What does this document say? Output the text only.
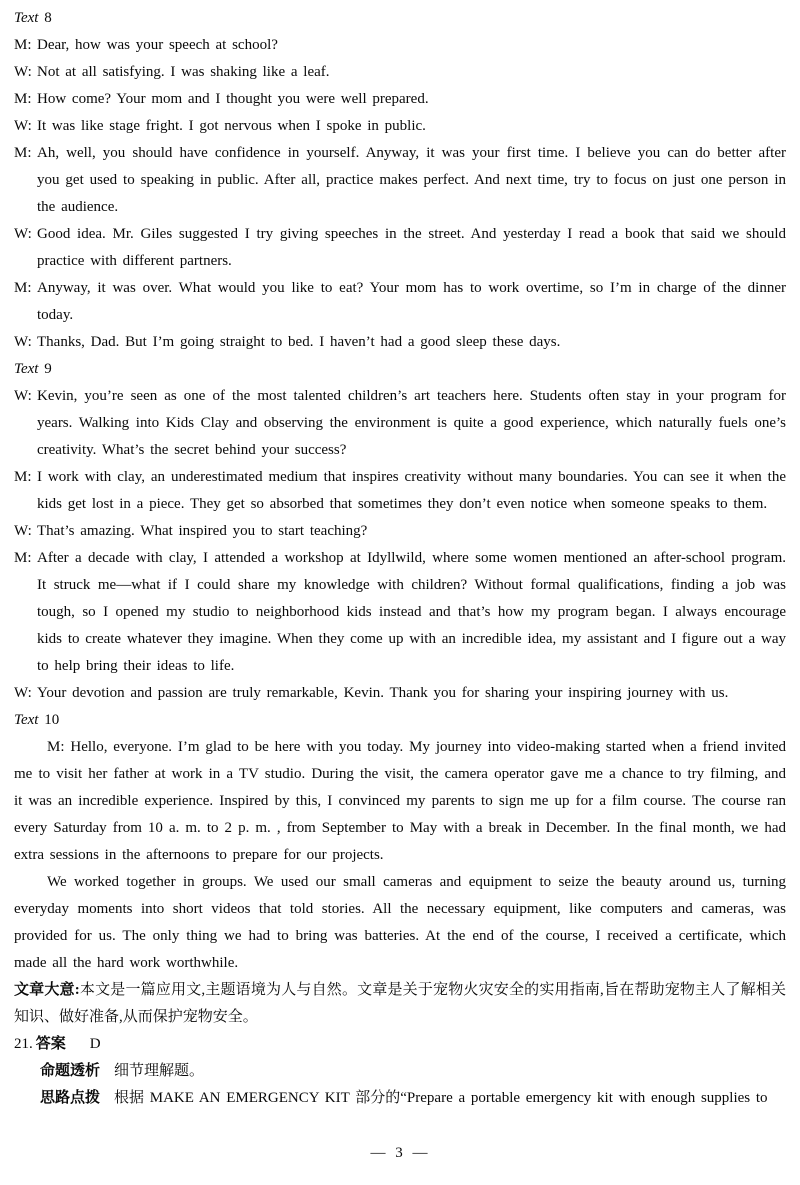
Text 8

M: Dear, how was your speech at school?

W: Not at all satisfying. I was shaking like a leaf.

M: How come? Your mom and I thought you were well prepared.

W: It was like stage fright. I got nervous when I spoke in public.

M: Ah, well, you should have confidence in yourself. Anyway, it was your first time. I believe you can do better after you get used to speaking in public. After all, practice makes perfect. And next time, try to focus on just one person in the audience.

W: Good idea. Mr. Giles suggested I try giving speeches in the street. And yesterday I read a book that said we should practice with different partners.

M: Anyway, it was over. What would you like to eat? Your mom has to work overtime, so I’m in charge of the dinner today.

W: Thanks, Dad. But I’m going straight to bed. I haven’t had a good sleep these days.

Text 9

W: Kevin, you’re seen as one of the most talented children’s art teachers here. Students often stay in your program for years. Walking into Kids Clay and observing the environment is quite a good experience, which naturally fuels one’s creativity. What’s the secret behind your success?

M: I work with clay, an underestimated medium that inspires creativity without many boundaries. You can see it when the kids get lost in a piece. They get so absorbed that sometimes they don’t even notice when someone speaks to them.

W: That’s amazing. What inspired you to start teaching?

M: After a decade with clay, I attended a workshop at Idyllwild, where some women mentioned an after-school program. It struck me—what if I could share my knowledge with children? Without formal qualifications, finding a job was tough, so I opened my studio to neighborhood kids instead and that’s how my program began. I always encourage kids to create whatever they imagine. When they come up with an incredible idea, my assistant and I figure out a way to help bring their ideas to life.

W: Your devotion and passion are truly remarkable, Kevin. Thank you for sharing your inspiring journey with us.

Text 10

M: Hello, everyone. I’m glad to be here with you today. My journey into video-making started when a friend invited me to visit her father at work in a TV studio. During the visit, the camera operator gave me a chance to try filming, and it was an incredible experience. Inspired by this, I convinced my parents to sign me up for a film course. The course ran every Saturday from 10 a. m. to 2 p. m. , from September to May with a break in December. In the final month, we had extra sessions in the afternoons to prepare for our projects.

We worked together in groups. We used our small cameras and equipment to seize the beauty around us, turning everyday moments into short videos that told stories. All the necessary equipment, like computers and cameras, was provided for us. The only thing we had to bring was batteries. At the end of the course, I received a certificate, which made all the hard work worthwhile.

文章大意:本文是一篇应用文,主题语境为人与自然。文章是关于宠物火灾安全的实用指南,旨在帮助宠物主人了解相关知识、做好准备,从而保护宠物安全。

21. 答案 D

命题透析 细节理解题。

思路点拨 根据 MAKE AN EMERGENCY KIT 部分的“Prepare a portable emergency kit with enough supplies to

— 3 —
